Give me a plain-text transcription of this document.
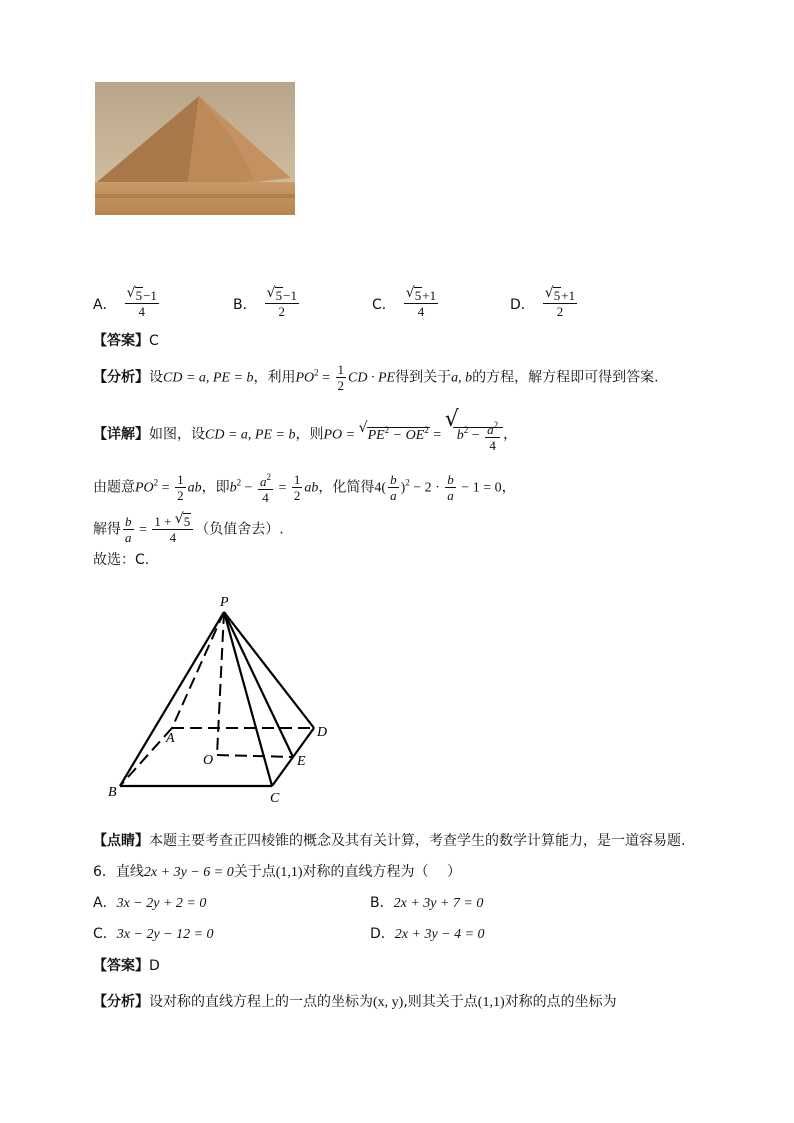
A． $\frac{√ 5-1}{4}$	B． $\frac{√ 5-1}{2}$	C． $\frac{√ 5+1}{4}$	D． $\frac{√ 5+1}{2}$
【答案】C
【分析】设CD = a, PE = b，利用$PO^2 = \frac{1}{2}$ CD · PE得到关于a, b的方程，解方程即可得到答案.
【详解】如图，设CD = a, PE = b，则PO = √ $PE^2 - OE^2$ =
√
$b^2 - \frac{a^2}{4}$ ，
由题意$PO^2 = \frac{1}{2}$ ab，即$b^2 - \frac{a^2}{4} = \frac{1}{2}$ ab，化简得$4( \frac{b}{a} )^2 - 2 \cdot \frac{b}{a} - 1 = 0$，
解得 $\frac{b}{a} = \frac{1 + √ 5}{4}$ （负值舍去）.
故选：C.
P
A	D
O	E
B	C
【点睛】本题主要考查正四棱锥的概念及其有关计算，考查学生的数学计算能力，是一道容易题.
6．直线2x + 3y − 6 = 0关于点(1,1)对称的直线方程为（　 ）
A．3x − 2y + 2 = 0	B．2x + 3y + 7 = 0
C．3x − 2y − 12 = 0	D．2x + 3y − 4 = 0
【答案】D
【分析】设对称的直线方程上的一点的坐标为(x, y),则其关于点(1,1)对称的点的坐标为
